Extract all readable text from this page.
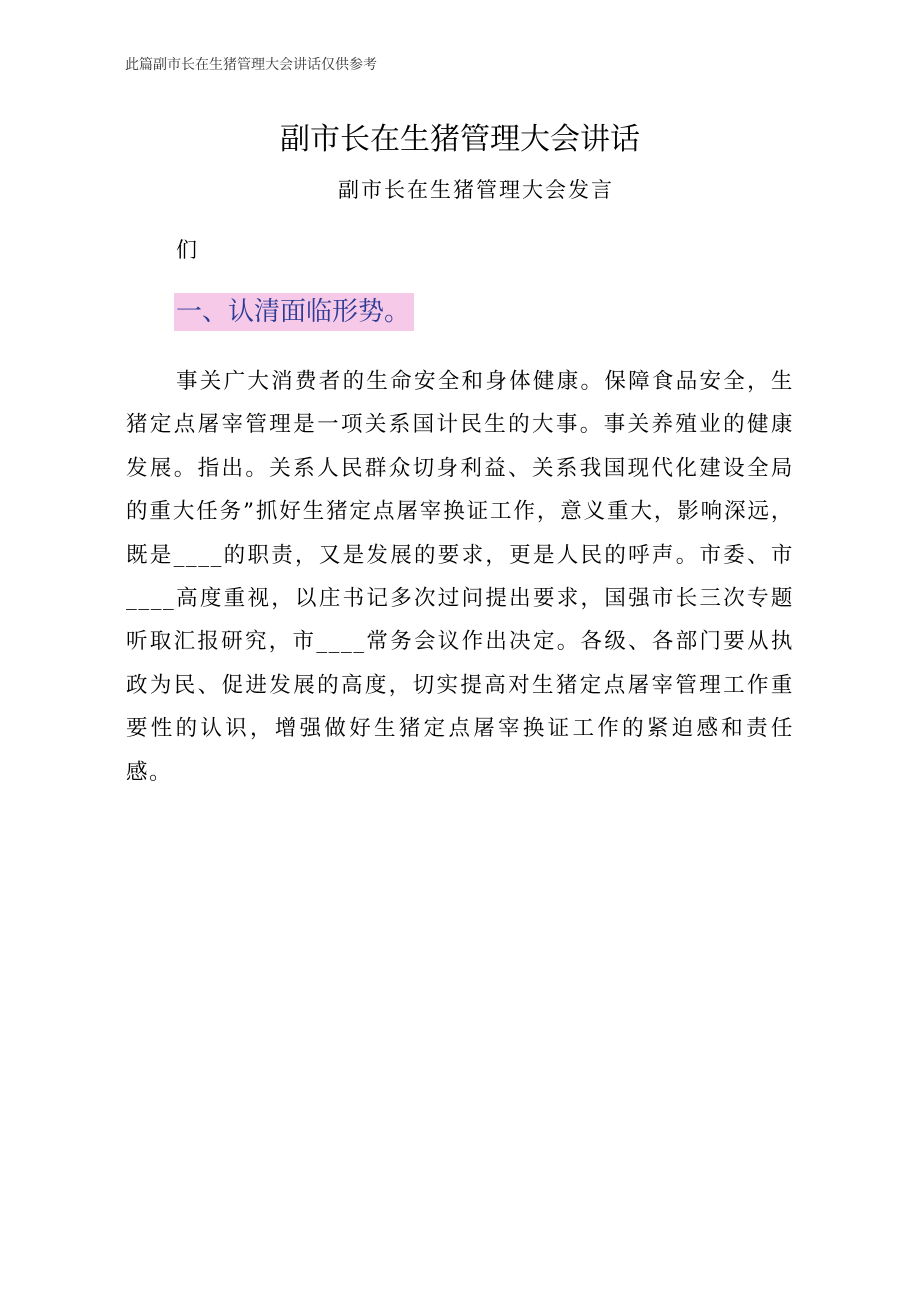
此篇副市长在生猪管理大会讲话仅供参考
副市长在生猪管理大会讲话
副市长在生猪管理大会发言
们
一、认清面临形势。

事关广大消费者的生命安全和身体健康。保障食品安全，生猪定点屠宰管理是一项关系国计民生的大事。事关养殖业的健康发展。指出。关系人民群众切身利益、关系我国现代化建设全局的重大任务”抓好生猪定点屠宰换证工作，意义重大，影响深远，既是____的职责，又是发展的要求，更是人民的呼声。市委、市____高度重视，以庄书记多次过问提出要求，国强市长三次专题听取汇报研究，市____常务会议作出决定。各级、各部门要从执政为民、促进发展的高度，切实提高对生猪定点屠宰管理工作重要性的认识，增强做好生猪定点屠宰换证工作的紧迫感和责任感。
